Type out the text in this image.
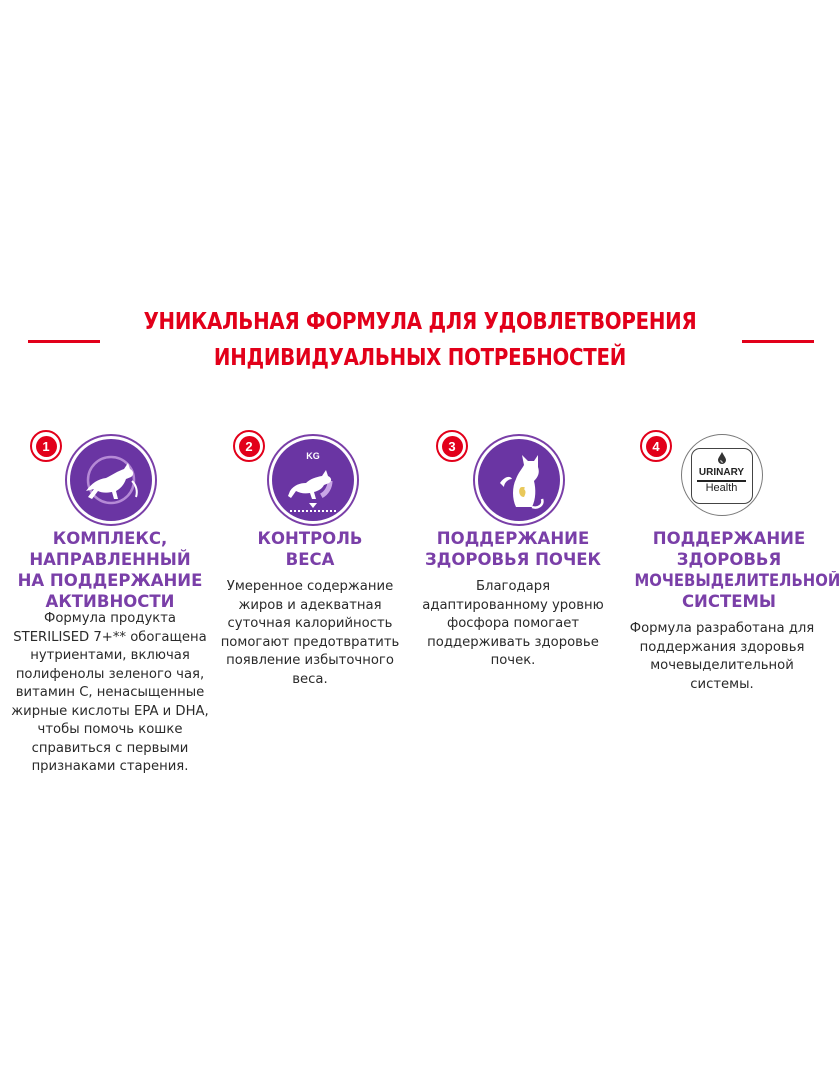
УНИКАЛЬНАЯ ФОРМУЛА ДЛЯ УДОВЛЕТВОРЕНИЯ
ИНДИВИДУАЛЬНЫХ ПОТРЕБНОСТЕЙ
1
КОМПЛЕКС,
НАПРАВЛЕННЫЙ
НА ПОДДЕРЖАНИЕ
АКТИВНОСТИ
Формула продукта
STERILISED 7+** обогащена
нутриентами, включая
полифенолы зеленого чая,
витамин С, ненасыщенные
жирные кислоты EPA и DHA,
чтобы помочь кошке
справиться с первыми
признаками старения.
2
KG
КОНТРОЛЬ
ВЕСА
Умеренное содержание
жиров и адекватная
суточная калорийность
помогают предотвратить
появление избыточного
веса.
3
ПОДДЕРЖАНИЕ
ЗДОРОВЬЯ ПОЧЕК
Благодаря
адаптированному уровню
фосфора помогает
поддерживать здоровье
почек.
4
URINARY
Health
ПОДДЕРЖАНИЕ
ЗДОРОВЬЯ
МОЧЕВЫДЕЛИТЕЛЬНОЙ
СИСТЕМЫ
Формула разработана для
поддержания здоровья
мочевыделительной
системы.
